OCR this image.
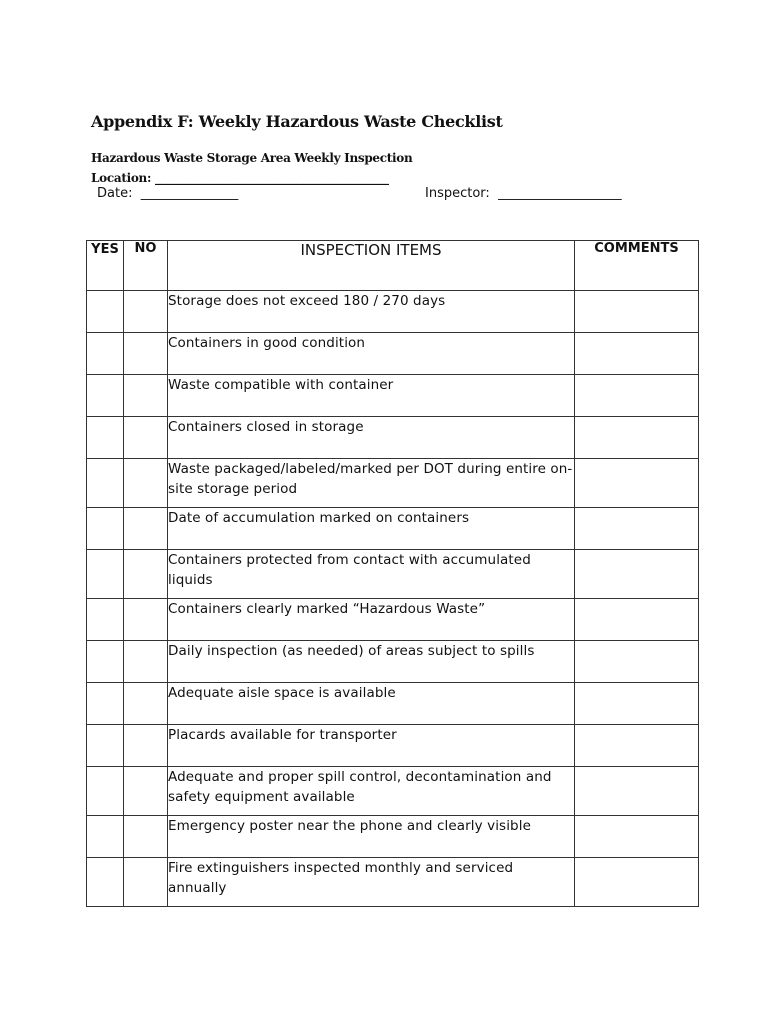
Appendix F: Weekly Hazardous Waste Checklist
Hazardous Waste Storage Area Weekly Inspection
Location: _________________________________________
Date: _______________	Inspector: ___________________
YES	NO	INSPECTION ITEMS	COMMENTS
		Storage does not exceed 180 / 270 days	
		Containers in good condition	
		Waste compatible with container	
		Containers closed in storage	
		Waste packaged/labeled/marked per DOT during entire on-site storage period	
		Date of accumulation marked on containers	
		Containers protected from contact with accumulated liquids	
		Containers clearly marked “Hazardous Waste”	
		Daily inspection (as needed) of areas subject to spills	
		Adequate aisle space is available	
		Placards available for transporter	
		Adequate and proper spill control, decontamination and safety equipment available	
		Emergency poster near the phone and clearly visible	
		Fire extinguishers inspected monthly and serviced annually	
